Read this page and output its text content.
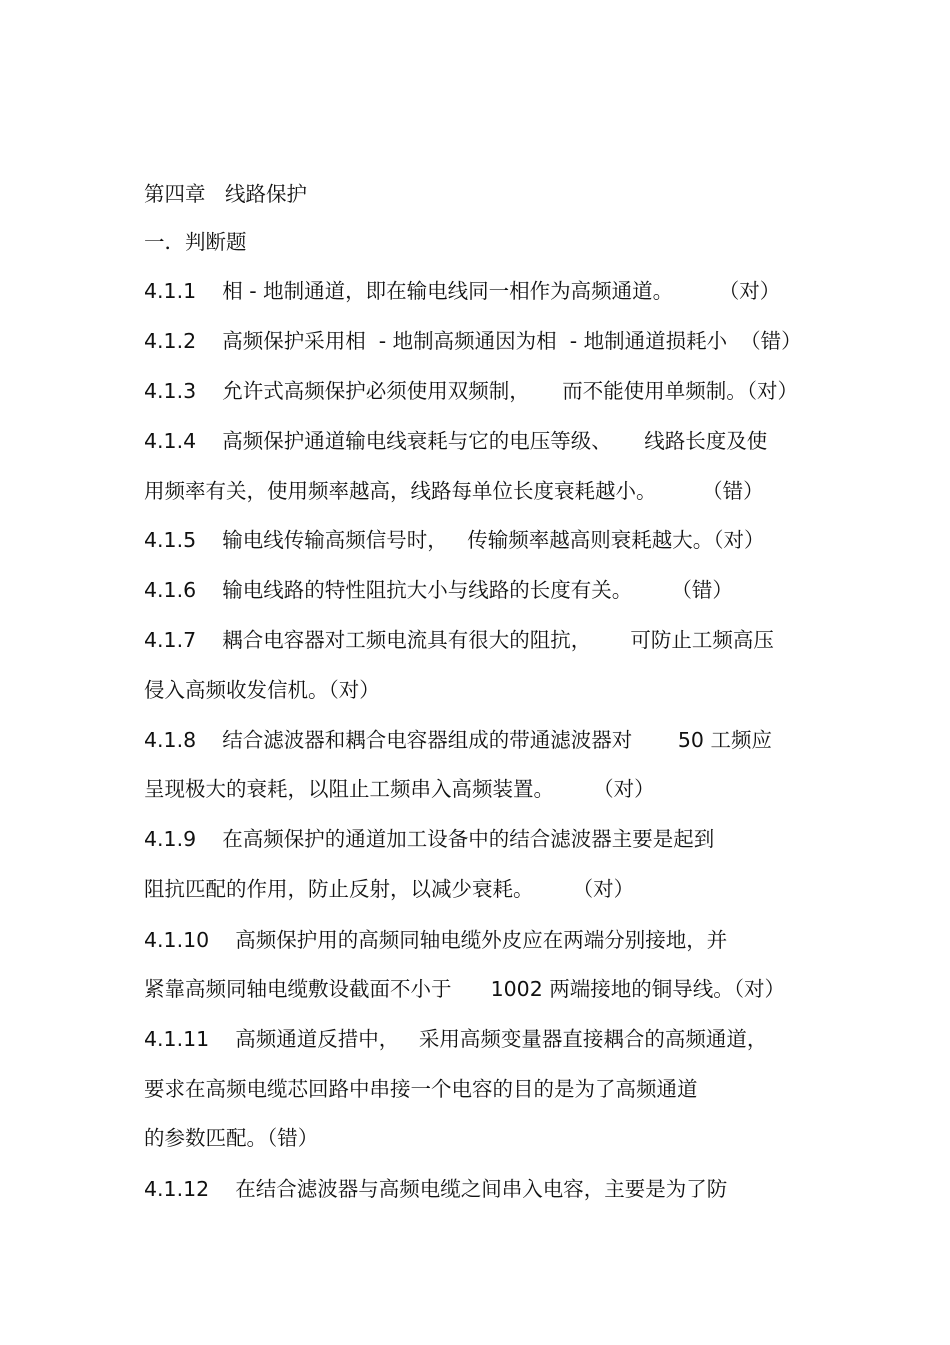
第四章   线路保护
一．判断题
4.1.1    相 - 地制通道，即在输电线同一相作为高频通道。       （对）
4.1.2    高频保护采用相  - 地制高频通因为相  - 地制通道损耗小  （错）
4.1.3    允许式高频保护必须使用双频制，     而不能使用单频制。（对）
4.1.4    高频保护通道输电线衰耗与它的电压等级、     线路长度及使
用频率有关，使用频率越高，线路每单位长度衰耗越小。       （错）
4.1.5    输电线传输高频信号时，   传输频率越高则衰耗越大。（对）
4.1.6    输电线路的特性阻抗大小与线路的长度有关。      （错）
4.1.7    耦合电容器对工频电流具有很大的阻抗，      可防止工频高压
侵入高频收发信机。（对）
4.1.8    结合滤波器和耦合电容器组成的带通滤波器对       50 工频应
呈现极大的衰耗，以阻止工频串入高频装置。      （对）
4.1.9    在高频保护的通道加工设备中的结合滤波器主要是起到
阻抗匹配的作用，防止反射，以减少衰耗。      （对）
4.1.10    高频保护用的高频同轴电缆外皮应在两端分别接地，并
紧靠高频同轴电缆敷设截面不小于      1002 两端接地的铜导线。（对）
4.1.11    高频通道反措中，   采用高频变量器直接耦合的高频通道，
要求在高频电缆芯回路中串接一个电容的目的是为了高频通道
的参数匹配。（错）
4.1.12    在结合滤波器与高频电缆之间串入电容，主要是为了防
